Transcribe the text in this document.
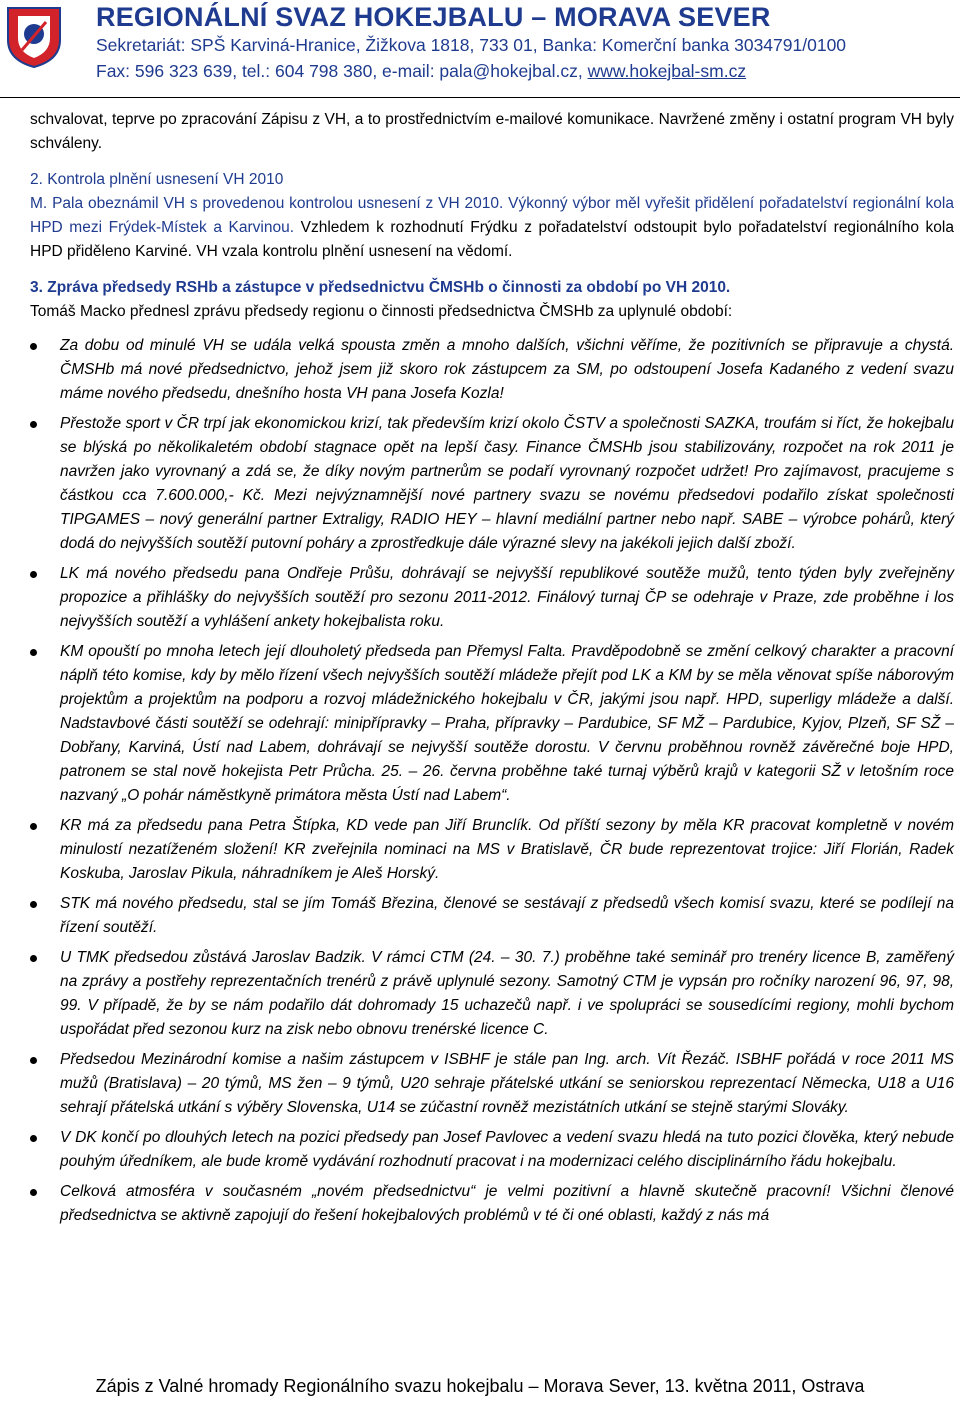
REGIONÁLNÍ SVAZ HOKEJBALU – MORAVA SEVER
Sekretariát: SPŠ Karviná-Hranice, Žižkova 1818, 733 01, Banka: Komerční banka 3034791/0100
Fax: 596 323 639, tel.: 604 798 380, e-mail: pala@hokejbal.cz, www.hokejbal-sm.cz

schvalovat, teprve po zpracování Zápisu z VH, a to prostřednictvím e-mailové komunikace. Navržené změny i ostatní program VH byly schváleny.

2. Kontrola plnění usnesení VH 2010

M. Pala obeznámil VH s provedenou kontrolou usnesení z VH 2010. Výkonný výbor měl vyřešit přidělení pořadatelství regionální kola HPD mezi Frýdek-Místek a Karvinou. Vzhledem k rozhodnutí Frýdku z pořadatelství odstoupit bylo pořadatelství regionálního kola HPD přiděleno Karviné. VH vzala kontrolu plnění usnesení na vědomí.

3. Zpráva předsedy RSHb a zástupce v předsednictvu ČMSHb o činnosti za období po VH 2010.

Tomáš Macko přednesl zprávu předsedy regionu o činnosti předsednictva ČMSHb za uplynulé období:

Za dobu od minulé VH se udála velká spousta změn a mnoho dalších, všichni věříme, že pozitivních se připravuje a chystá. ČMSHb má nové předsednictvo, jehož jsem již skoro rok zástupcem za SM, po odstoupení Josefa Kadaného z vedení svazu máme nového předsedu, dnešního hosta VH pana Josefa Kozla!
Přestože sport v ČR trpí jak ekonomickou krizí, tak především krizí okolo ČSTV a společnosti SAZKA, troufám si říct, že hokejbalu se blýská po několikaletém období stagnace opět na lepší časy. Finance ČMSHb jsou stabilizovány, rozpočet na rok 2011 je navržen jako vyrovnaný a zdá se, že díky novým partnerům se podaří vyrovnaný rozpočet udržet! Pro zajímavost, pracujeme s částkou cca 7.600.000,- Kč. Mezi nejvýznamnější nové partnery svazu se novému předsedovi podařilo získat společnosti TIPGAMES – nový generální partner Extraligy, RADIO HEY – hlavní mediální partner nebo např. SABE – výrobce pohárů, který dodá do nejvyšších soutěží putovní poháry a zprostředkuje dále výrazné slevy na jakékoli jejich další zboží.
LK má nového předsedu pana Ondřeje Průšu, dohrávají se nejvyšší republikové soutěže mužů, tento týden byly zveřejněny propozice a přihlášky do nejvyšších soutěží pro sezonu 2011-2012. Finálový turnaj ČP se odehraje v Praze, zde proběhne i los nejvyšších soutěží a vyhlášení ankety hokejbalista roku.
KM opouští po mnoha letech její dlouholetý předseda pan Přemysl Falta. Pravděpodobně se změní celkový charakter a pracovní náplň této komise, kdy by mělo řízení všech nejvyšších soutěží mládeže přejít pod LK a KM by se měla věnovat spíše náborovým projektům a projektům na podporu a rozvoj mládežnického hokejbalu v ČR, jakými jsou např. HPD, superligy mládeže a další. Nadstavbové části soutěží se odehrají: minipřípravky – Praha, přípravky – Pardubice, SF MŽ – Pardubice, Kyjov, Plzeň, SF SŽ – Dobřany, Karviná, Ústí nad Labem, dohrávají se nejvyšší soutěže dorostu. V červnu proběhnou rovněž závěrečné boje HPD, patronem se stal nově hokejista Petr Průcha. 25. – 26. června proběhne také turnaj výběrů krajů v kategorii SŽ v letošním roce nazvaný „O pohár náměstkyně primátora města Ústí nad Labem“.
KR má za předsedu pana Petra Štípka, KD vede pan Jiří Brunclík. Od příští sezony by měla KR pracovat kompletně v novém minulostí nezatíženém složení! KR zveřejnila nominaci na MS v Bratislavě, ČR bude reprezentovat trojice: Jiří Florián, Radek Koskuba, Jaroslav Pikula, náhradníkem je Aleš Horský.
STK má nového předsedu, stal se jím Tomáš Březina, členové se sestávají z předsedů všech komisí svazu, které se podílejí na řízení soutěží.
U TMK předsedou zůstává Jaroslav Badzik. V rámci CTM (24. – 30. 7.) proběhne také seminář pro trenéry licence B, zaměřený na zprávy a postřehy reprezentačních trenérů z právě uplynulé sezony. Samotný CTM je vypsán pro ročníky narození 96, 97, 98, 99. V případě, že by se nám podařilo dát dohromady 15 uchazečů např. i ve spolupráci se sousedícími regiony, mohli bychom uspořádat před sezonou kurz na zisk nebo obnovu trenérské licence C.
Předsedou Mezinárodní komise a našim zástupcem v ISBHF je stále pan Ing. arch. Vít Řezáč. ISBHF pořádá v roce 2011 MS mužů (Bratislava) – 20 týmů, MS žen – 9 týmů, U20 sehraje přátelské utkání se seniorskou reprezentací Německa, U18 a U16 sehrají přátelská utkání s výběry Slovenska, U14 se zúčastní rovněž mezistátních utkání se stejně starými Slováky.
V DK končí po dlouhých letech na pozici předsedy pan Josef Pavlovec a vedení svazu hledá na tuto pozici člověka, který nebude pouhým úředníkem, ale bude kromě vydávání rozhodnutí pracovat i na modernizaci celého disciplinárního řádu hokejbalu.
Celková atmosféra v současném „novém předsednictvu“ je velmi pozitivní a hlavně skutečně pracovní! Všichni členové předsednictva se aktivně zapojují do řešení hokejbalových problémů v té či oné oblasti, každý z nás má
Zápis z Valné hromady Regionálního svazu hokejbalu – Morava Sever, 13. května 2011, Ostrava
